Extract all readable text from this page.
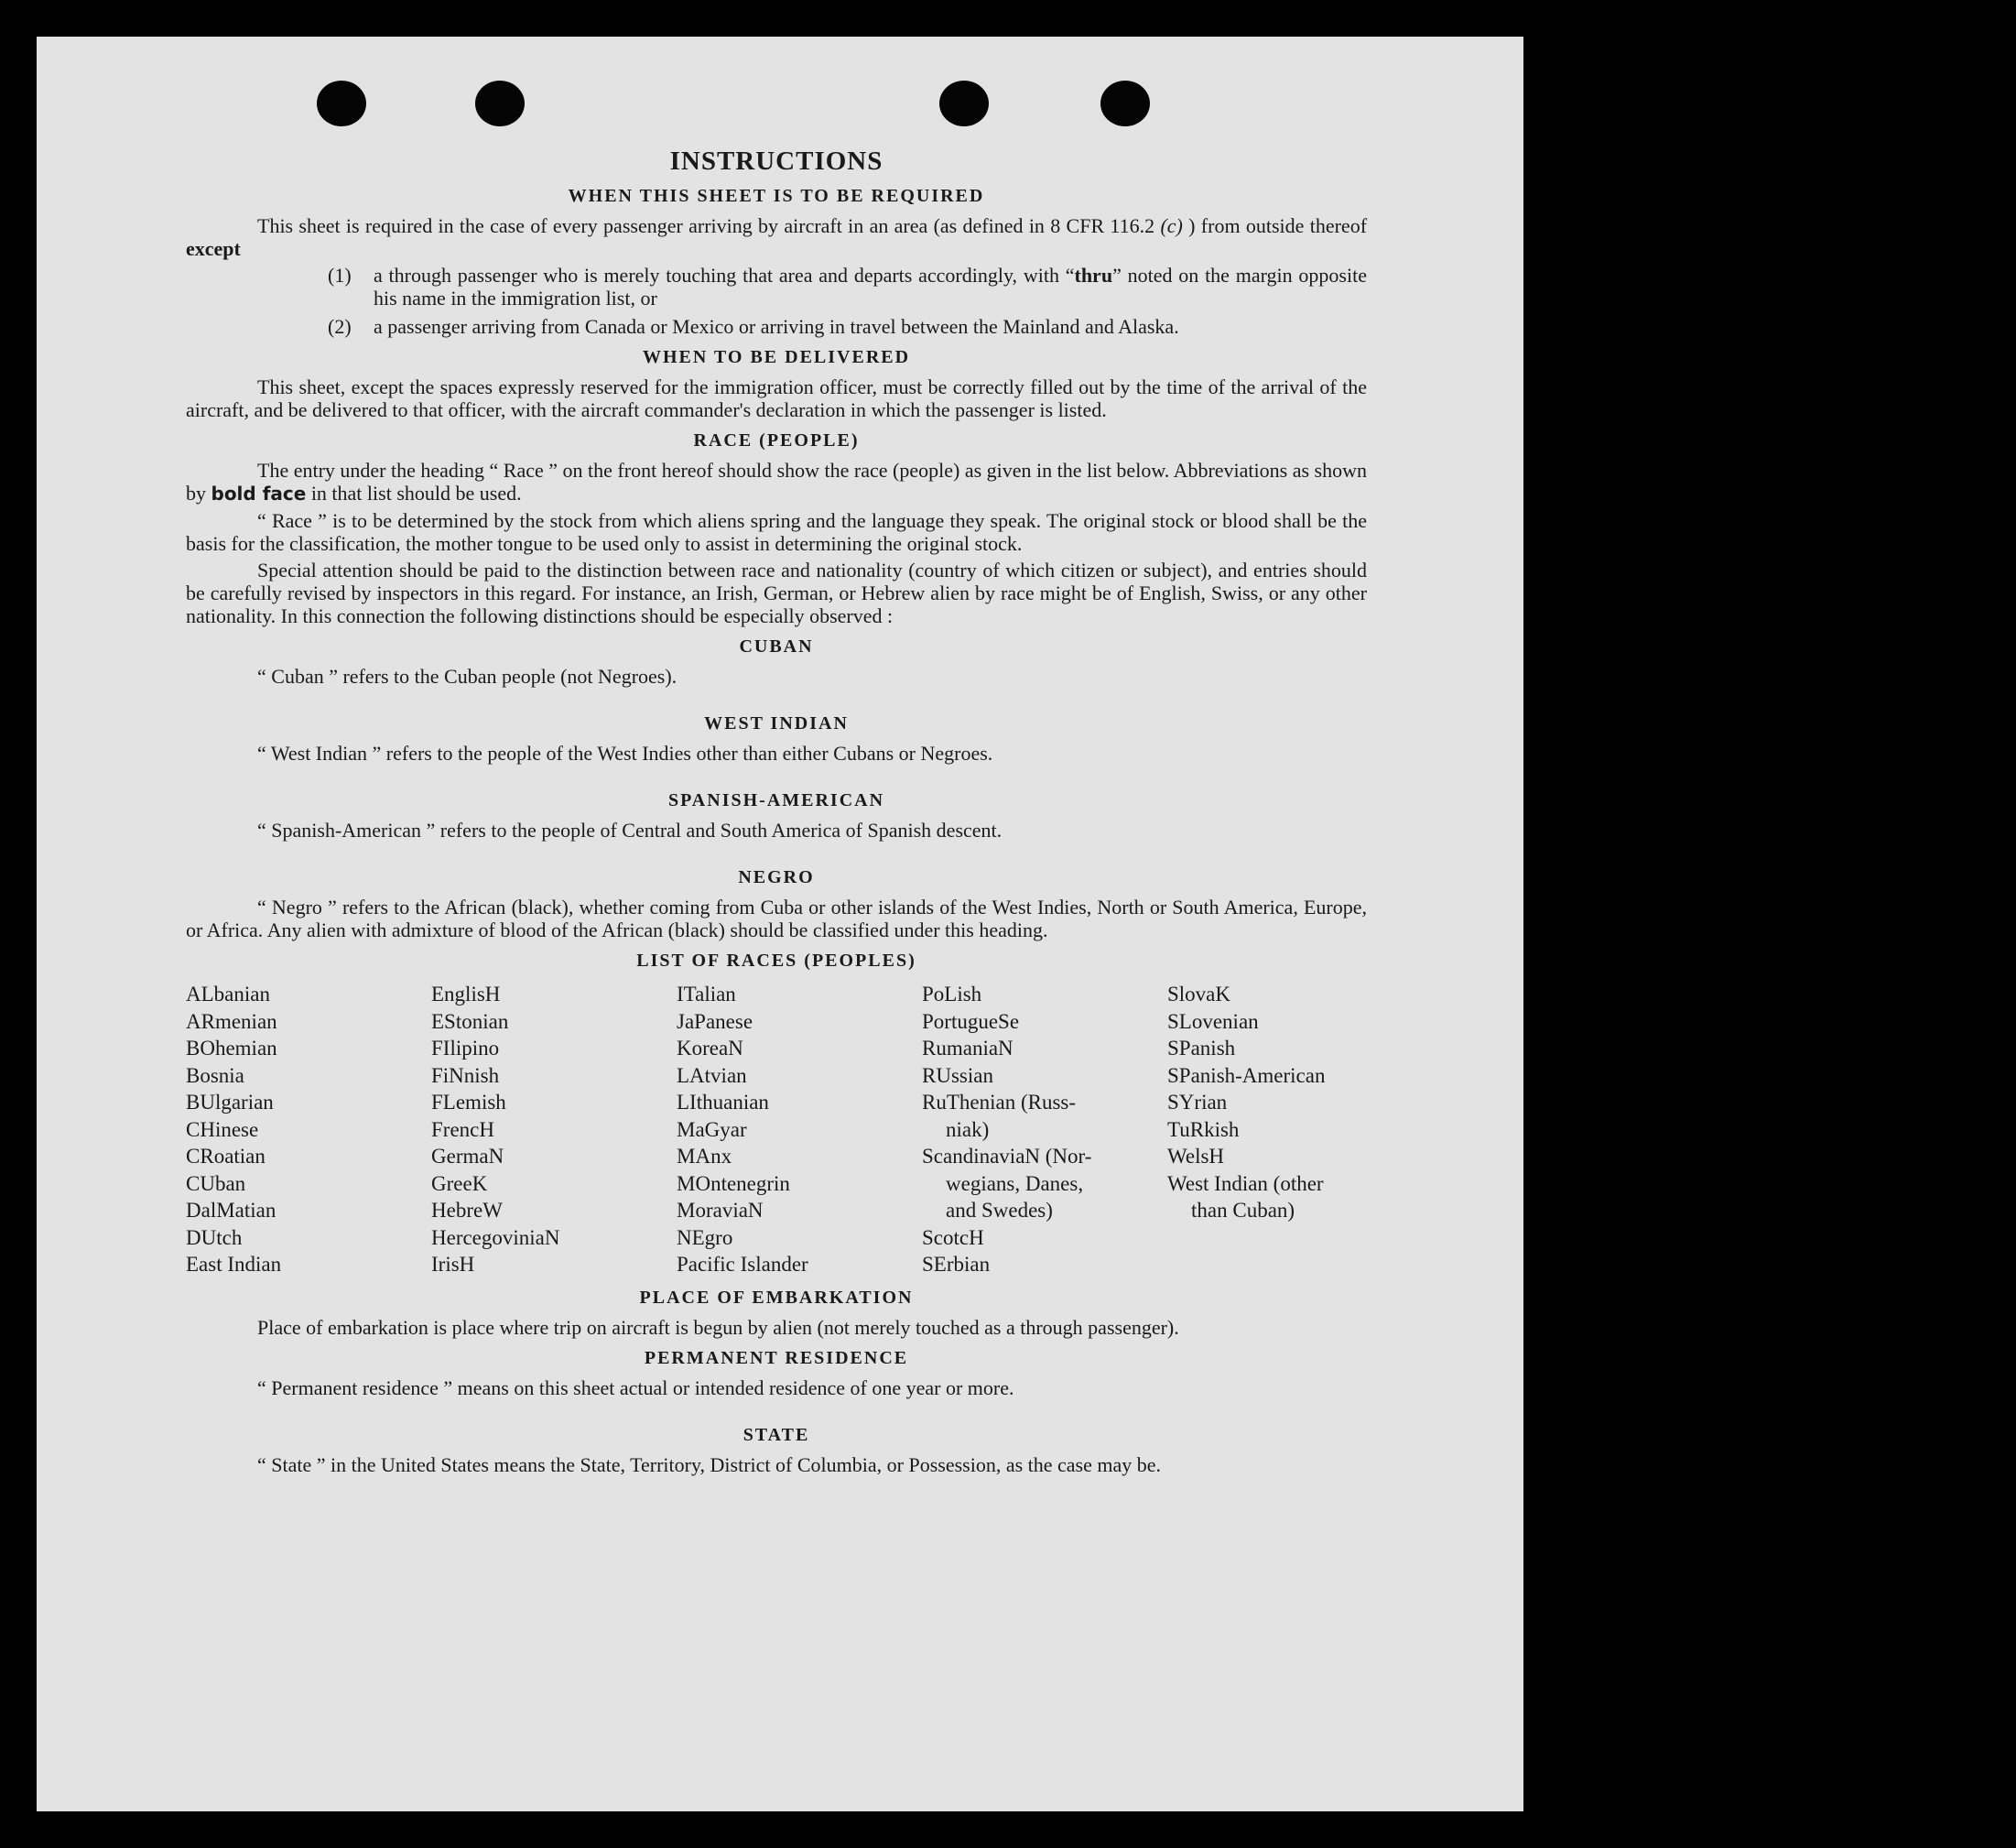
INSTRUCTIONS
WHEN THIS SHEET IS TO BE REQUIRED

This sheet is required in the case of every passenger arriving by aircraft in an area (as defined in 8 CFR 116.2 (c) ) from outside thereof except

(1)	a through passenger who is merely touching that area and departs accordingly, with “thru” noted on the margin opposite his name in the immigration list, or
(2)	a passenger arriving from Canada or Mexico or arriving in travel between the Mainland and Alaska.
WHEN TO BE DELIVERED

This sheet, except the spaces expressly reserved for the immigration officer, must be correctly filled out by the time of the arrival of the aircraft, and be delivered to that officer, with the aircraft commander's declaration in which the passenger is listed.

RACE (PEOPLE)

The entry under the heading “ Race ” on the front hereof should show the race (people) as given in the list below. Abbreviations as shown by bold face in that list should be used.

“ Race ” is to be determined by the stock from which aliens spring and the language they speak. The original stock or blood shall be the basis for the classification, the mother tongue to be used only to assist in determining the original stock.

Special attention should be paid to the distinction between race and nationality (country of which citizen or subject), and entries should be carefully revised by inspectors in this regard. For instance, an Irish, German, or Hebrew alien by race might be of English, Swiss, or any other nationality. In this connection the following distinctions should be especially observed :

CUBAN

“ Cuban ” refers to the Cuban people (not Negroes).

WEST INDIAN

“ West Indian ” refers to the people of the West Indies other than either Cubans or Negroes.

SPANISH-AMERICAN

“ Spanish-American ” refers to the people of Central and South America of Spanish descent.

NEGRO

“ Negro ” refers to the African (black), whether coming from Cuba or other islands of the West Indies, North or South America, Europe, or Africa. Any alien with admixture of blood of the African (black) should be classified under this heading.

LIST OF RACES (PEOPLES)
ALbanian
ARmenian
BOhemian
Bosnia
BUlgarian
CHinese
CRoatian
CUban
DalMatian
DUtch
East Indian
EnglisH
EStonian
FIlipino
FiNnish
FLemish
FrencH
GermaN
GreeK
HebreW
HercegoviniaN
IrisH
ITalian
JaPanese
KoreaN
LAtvian
LIthuanian
MaGyar
MAnx
MOntenegrin
MoraviaN
NEgro
Pacific Islander
PoLish
PortugueSe
RumaniaN
RUssian
RuThenian (Russ-
niak)
ScandinaviaN (Nor-
wegians, Danes,
and Swedes)
ScotcH
SErbian
SlovaK
SLovenian
SPanish
SPanish-American
SYrian
TuRkish
WelsH
West Indian (other
than Cuban)
PLACE OF EMBARKATION

Place of embarkation is place where trip on aircraft is begun by alien (not merely touched as a through passenger).

PERMANENT RESIDENCE

“ Permanent residence ” means on this sheet actual or intended residence of one year or more.

STATE

“ State ” in the United States means the State, Territory, District of Columbia, or Possession, as the case may be.
